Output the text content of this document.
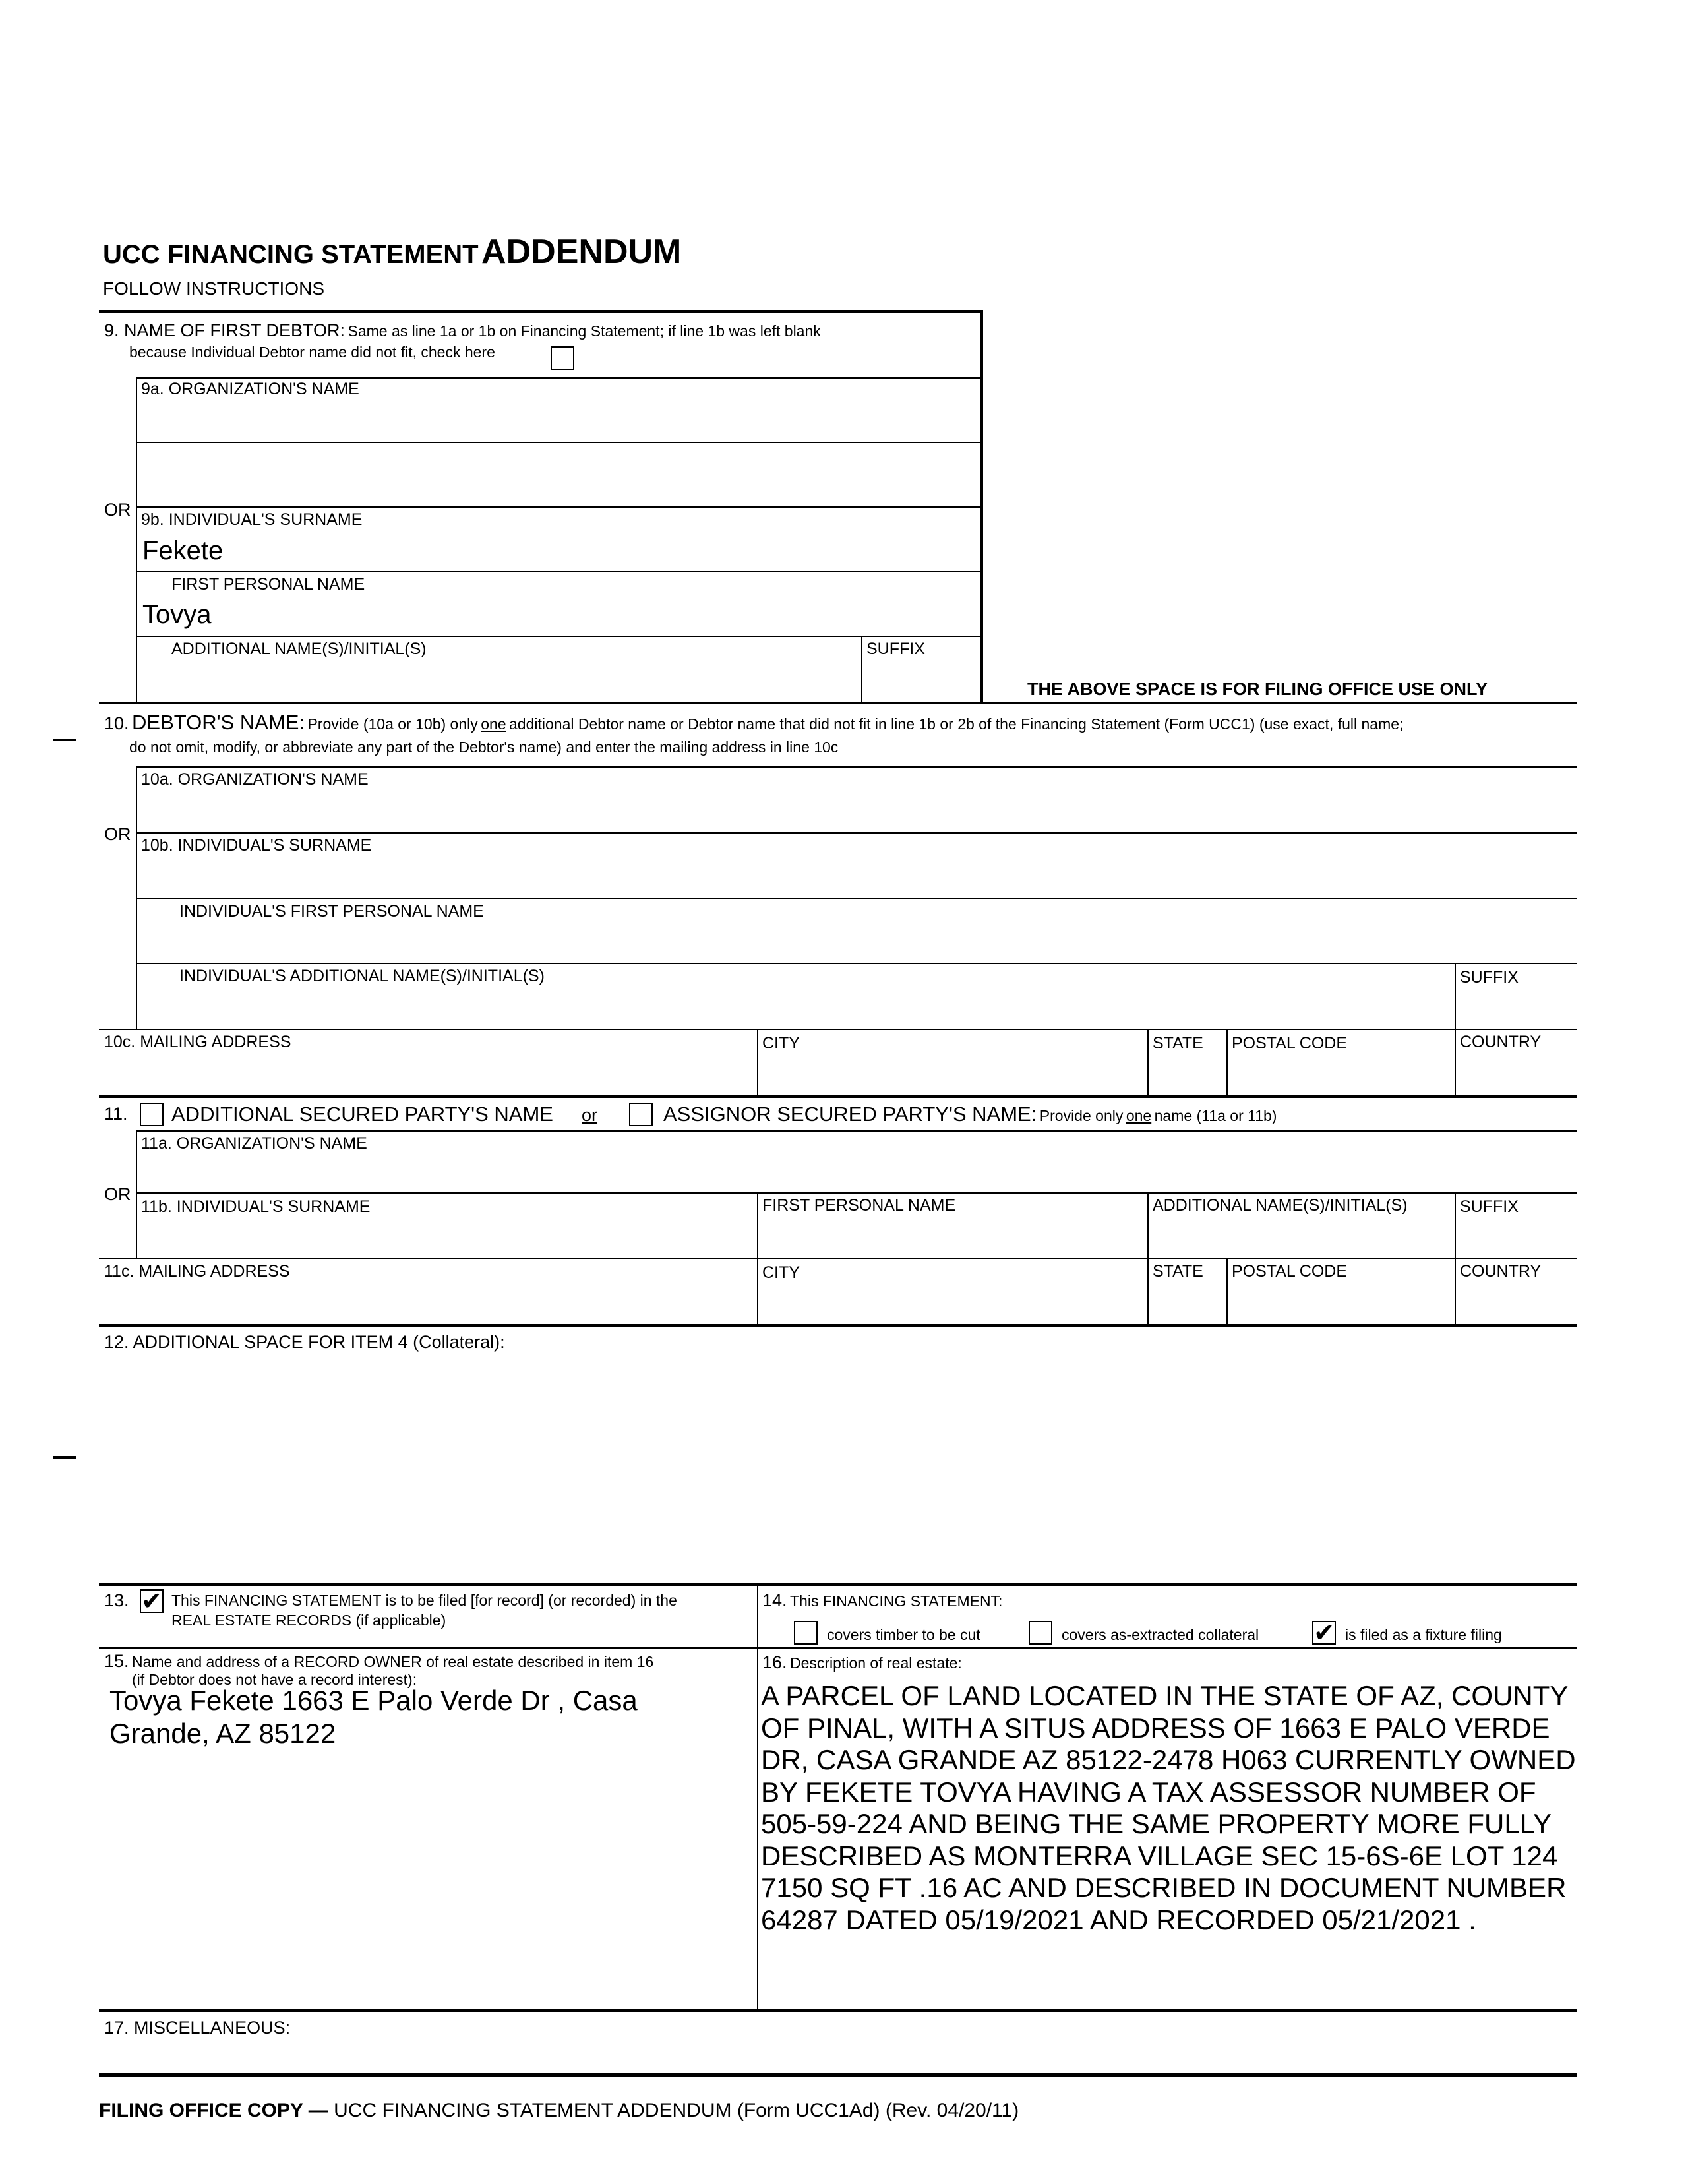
UCC FINANCING STATEMENT ADDENDUM
FOLLOW INSTRUCTIONS
9. NAME OF FIRST DEBTOR: Same as line 1a or 1b on Financing Statement; if line 1b was left blank
because Individual Debtor name did not fit, check here
9a. ORGANIZATION'S NAME
OR 9b. INDIVIDUAL'S SURNAME
Fekete
FIRST PERSONAL NAME
Tovya
ADDITIONAL NAME(S)/INITIAL(S)	SUFFIX
THE ABOVE SPACE IS FOR FILING OFFICE USE ONLY
10. DEBTOR'S NAME: Provide (10a or 10b) only one additional Debtor name or Debtor name that did not fit in line 1b or 2b of the Financing Statement (Form UCC1) (use exact, full name;
do not omit, modify, or abbreviate any part of the Debtor's name) and enter the mailing address in line 10c
10a. ORGANIZATION'S NAME
OR
10b. INDIVIDUAL'S SURNAME
INDIVIDUAL'S FIRST PERSONAL NAME
INDIVIDUAL'S ADDITIONAL NAME(S)/INITIAL(S)	SUFFIX
10c. MAILING ADDRESS	CITY	STATE POSTAL CODE	COUNTRY
11. ADDITIONAL SECURED PARTY'S NAME or	ASSIGNOR SECURED PARTY'S NAME: Provide only one name (11a or 11b)
11a. ORGANIZATION'S NAME
OR
11b. INDIVIDUAL'S SURNAME	FIRST PERSONAL NAME	ADDITIONAL NAME(S)/INITIAL(S)	SUFFIX
11c. MAILING ADDRESS	CITY	STATE POSTAL CODE	COUNTRY
12. ADDITIONAL SPACE FOR ITEM 4 (Collateral):
13. ✔ This FINANCING STATEMENT is to be filed [for record] (or recorded) in the
REAL ESTATE RECORDS (if applicable)
14. This FINANCING STATEMENT:
covers timber to be cut	covers as-extracted collateral ✔ is filed as a fixture filing
15. Name and address of a RECORD OWNER of real estate described in item 16
(if Debtor does not have a record interest):
Tovya Fekete 1663 E Palo Verde Dr , Casa
Grande, AZ 85122
16. Description of real estate:
A PARCEL OF LAND LOCATED IN THE STATE OF AZ, COUNTY
OF PINAL, WITH A SITUS ADDRESS OF 1663 E PALO VERDE
DR, CASA GRANDE AZ 85122-2478 H063 CURRENTLY OWNED
BY FEKETE TOVYA HAVING A TAX ASSESSOR NUMBER OF
505-59-224 AND BEING THE SAME PROPERTY MORE FULLY
DESCRIBED AS MONTERRA VILLAGE SEC 15-6S-6E LOT 124
7150 SQ FT .16 AC AND DESCRIBED IN DOCUMENT NUMBER
64287 DATED 05/19/2021 AND RECORDED 05/21/2021 .
17. MISCELLANEOUS:
FILING OFFICE COPY — UCC FINANCING STATEMENT ADDENDUM (Form UCC1Ad) (Rev. 04/20/11)
